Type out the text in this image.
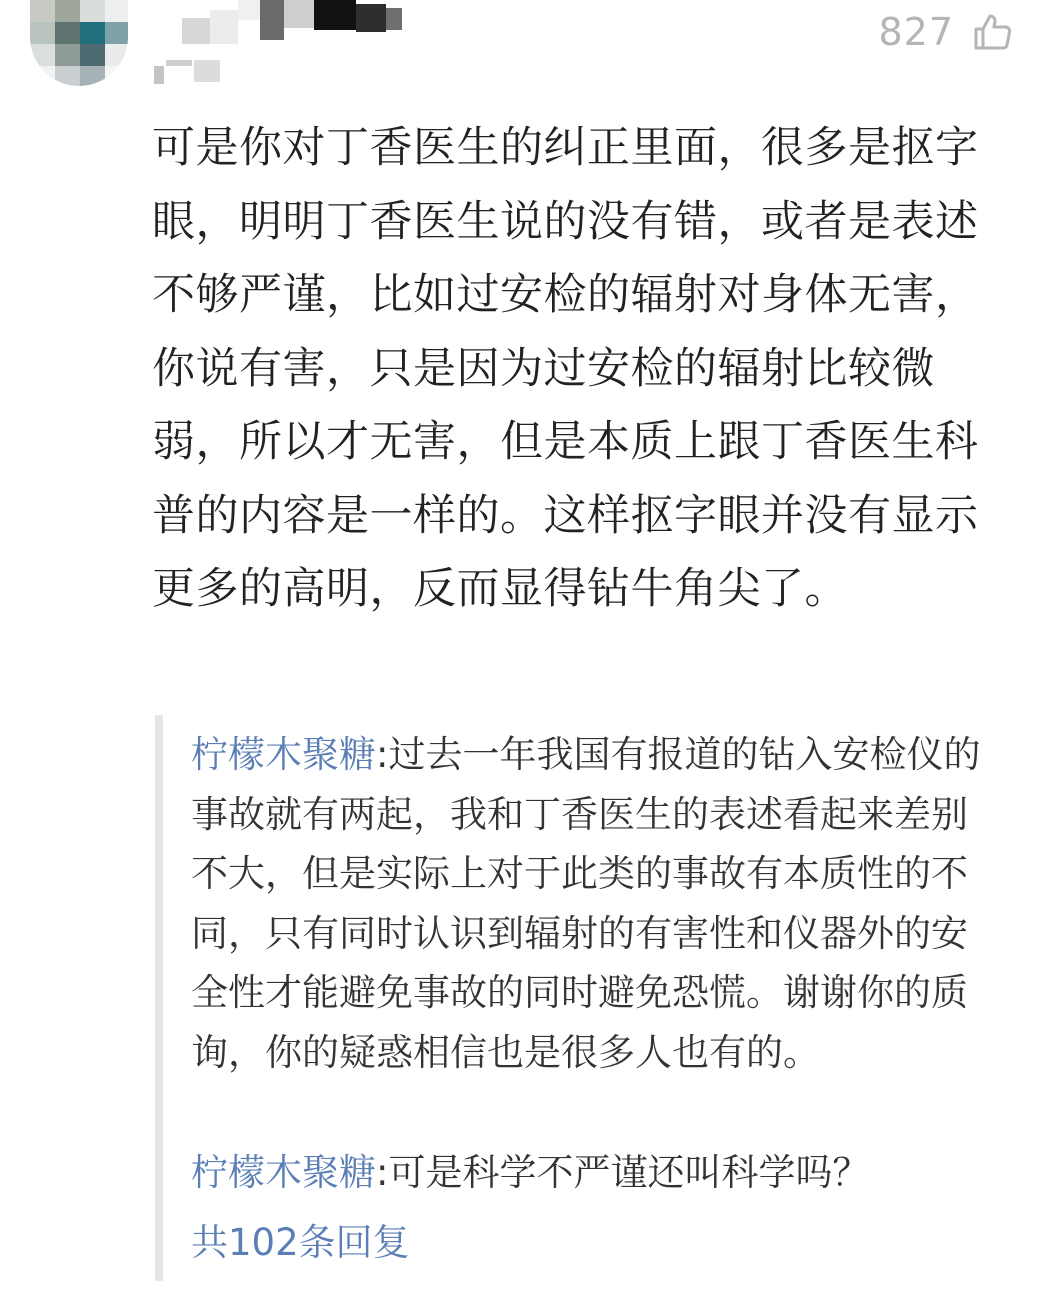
827
可是你对丁香医生的纠正里面，很多是抠字眼，明明丁香医生说的没有错，或者是表述不够严谨，比如过安检的辐射对身体无害，你说有害，只是因为过安检的辐射比较微弱，所以才无害，但是本质上跟丁香医生科普的内容是一样的。这样抠字眼并没有显示更多的高明，反而显得钻牛角尖了。
柠檬木聚糖:过去一年我国有报道的钻入安检仪的事故就有两起，我和丁香医生的表述看起来差别不大，但是实际上对于此类的事故有本质性的不同，只有同时认识到辐射的有害性和仪器外的安全性才能避免事故的同时避免恐慌。谢谢你的质询，你的疑惑相信也是很多人也有的。
柠檬木聚糖:可是科学不严谨还叫科学吗？
共102条回复
